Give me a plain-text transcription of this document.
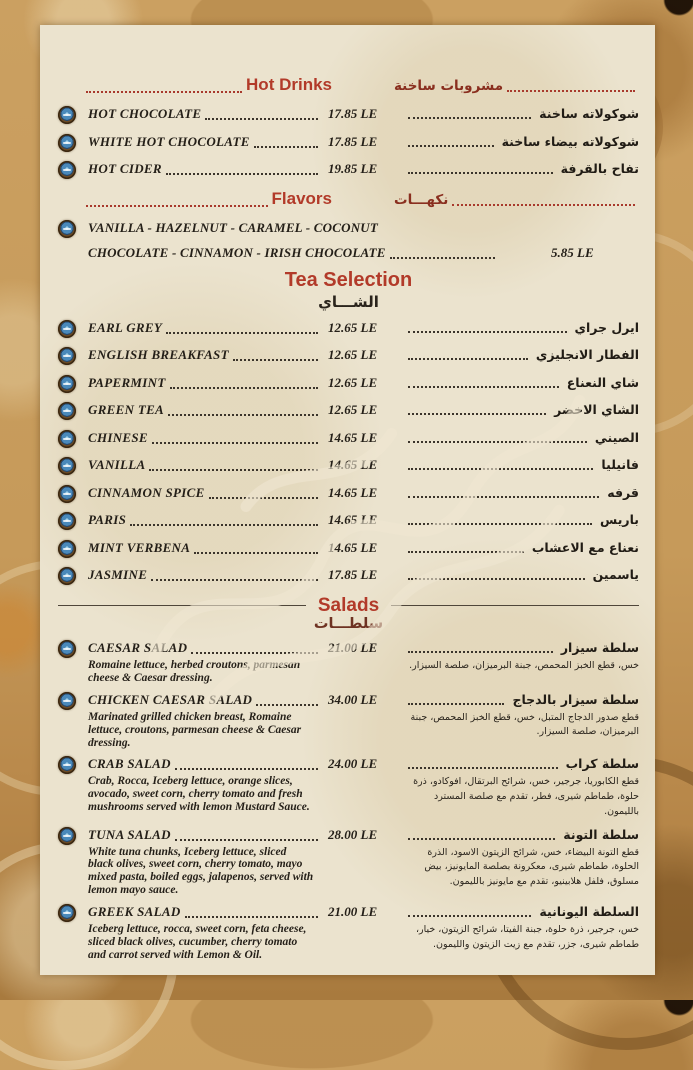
Hot Drinks	مشروبات ساخنة
HOT CHOCOLATE	17.85 LE	شوكولاته ساخنة
WHITE HOT CHOCOLATE	17.85 LE	شوكولاته بيضاء ساخنة
HOT CIDER	19.85 LE	تفاح بالقرفة
Flavors	نكهـــات
VANILLA - HAZELNUT - CARAMEL - COCONUT
CHOCOLATE - CINNAMON - IRISH CHOCOLATE	5.85 LE
Tea Selection
الشـــاي
EARL GREY	12.65 LE	ايرل جراي
ENGLISH BREAKFAST	12.65 LE	الفطار الانجليزي
PAPERMINT	12.65 LE	شاي النعناع
GREEN TEA	12.65 LE	الشاي الاخضر
CHINESE	14.65 LE	الصيني
VANILLA	14.65 LE	فانيليا
CINNAMON SPICE	14.65 LE	قرفه
PARIS	14.65 LE	باريس
MINT VERBENA	14.65 LE	نعناع مع الاعشاب
JASMINE	17.85 LE	ياسمين
Salads
سلطـــات
CAESAR SALAD	21.00 LE	سلطة سيزار
Romaine lettuce, herbed croutons, parmesan cheese & Caesar dressing.
خس، قطع الخبز المحمص، جبنة البرميزان، صلصة السيزار.
CHICKEN CAESAR SALAD	34.00 LE	سلطة سيزار بالدجاج
Marinated grilled chicken breast, Romaine lettuce, croutons, parmesan cheese & Caesar dressing.
قطع صدور الدجاج المتبل، خس، قطع الخبز المحمص، جبنة البرميزان، صلصة السيزار.
CRAB SALAD	24.00 LE	سلطة كراب
Crab, Rocca, Iceberg lettuce, orange slices, avocado, sweet corn, cherry tomato and fresh mushrooms served with lemon Mustard Sauce.
قطع الكابوريا، جرجير، خس، شرائح البرتقال، افوكادو، ذرة حلوة، طماطم شيرى، فطر، تقدم مع صلصة المسترد بالليمون.
TUNA SALAD	28.00 LE	سلطة التونة
White tuna chunks, Iceberg lettuce, sliced black olives, sweet corn, cherry tomato, mayo mixed pasta, boiled eggs, jalapenos, served with lemon mayo sauce.
قطع التونة البيضاء، خس، شرائح الزيتون الاسود، الذرة الحلوة، طماطم شيرى، معكرونة بصلصة المايونيز، بيض مسلوق، فلفل هلابينيو، تقدم مع مايونيز بالليمون.
GREEK SALAD	21.00 LE	السلطة اليونانية
Iceberg lettuce, rocca, sweet corn, feta cheese, sliced black olives, cucumber, cherry tomato and carrot served with Lemon & Oil.
خس، جرجير، ذرة حلوة، جبنة الفيتا، شرائح الزيتون، خيار، طماطم شيرى، جزر، تقدم مع زيت الزيتون والليمون.
